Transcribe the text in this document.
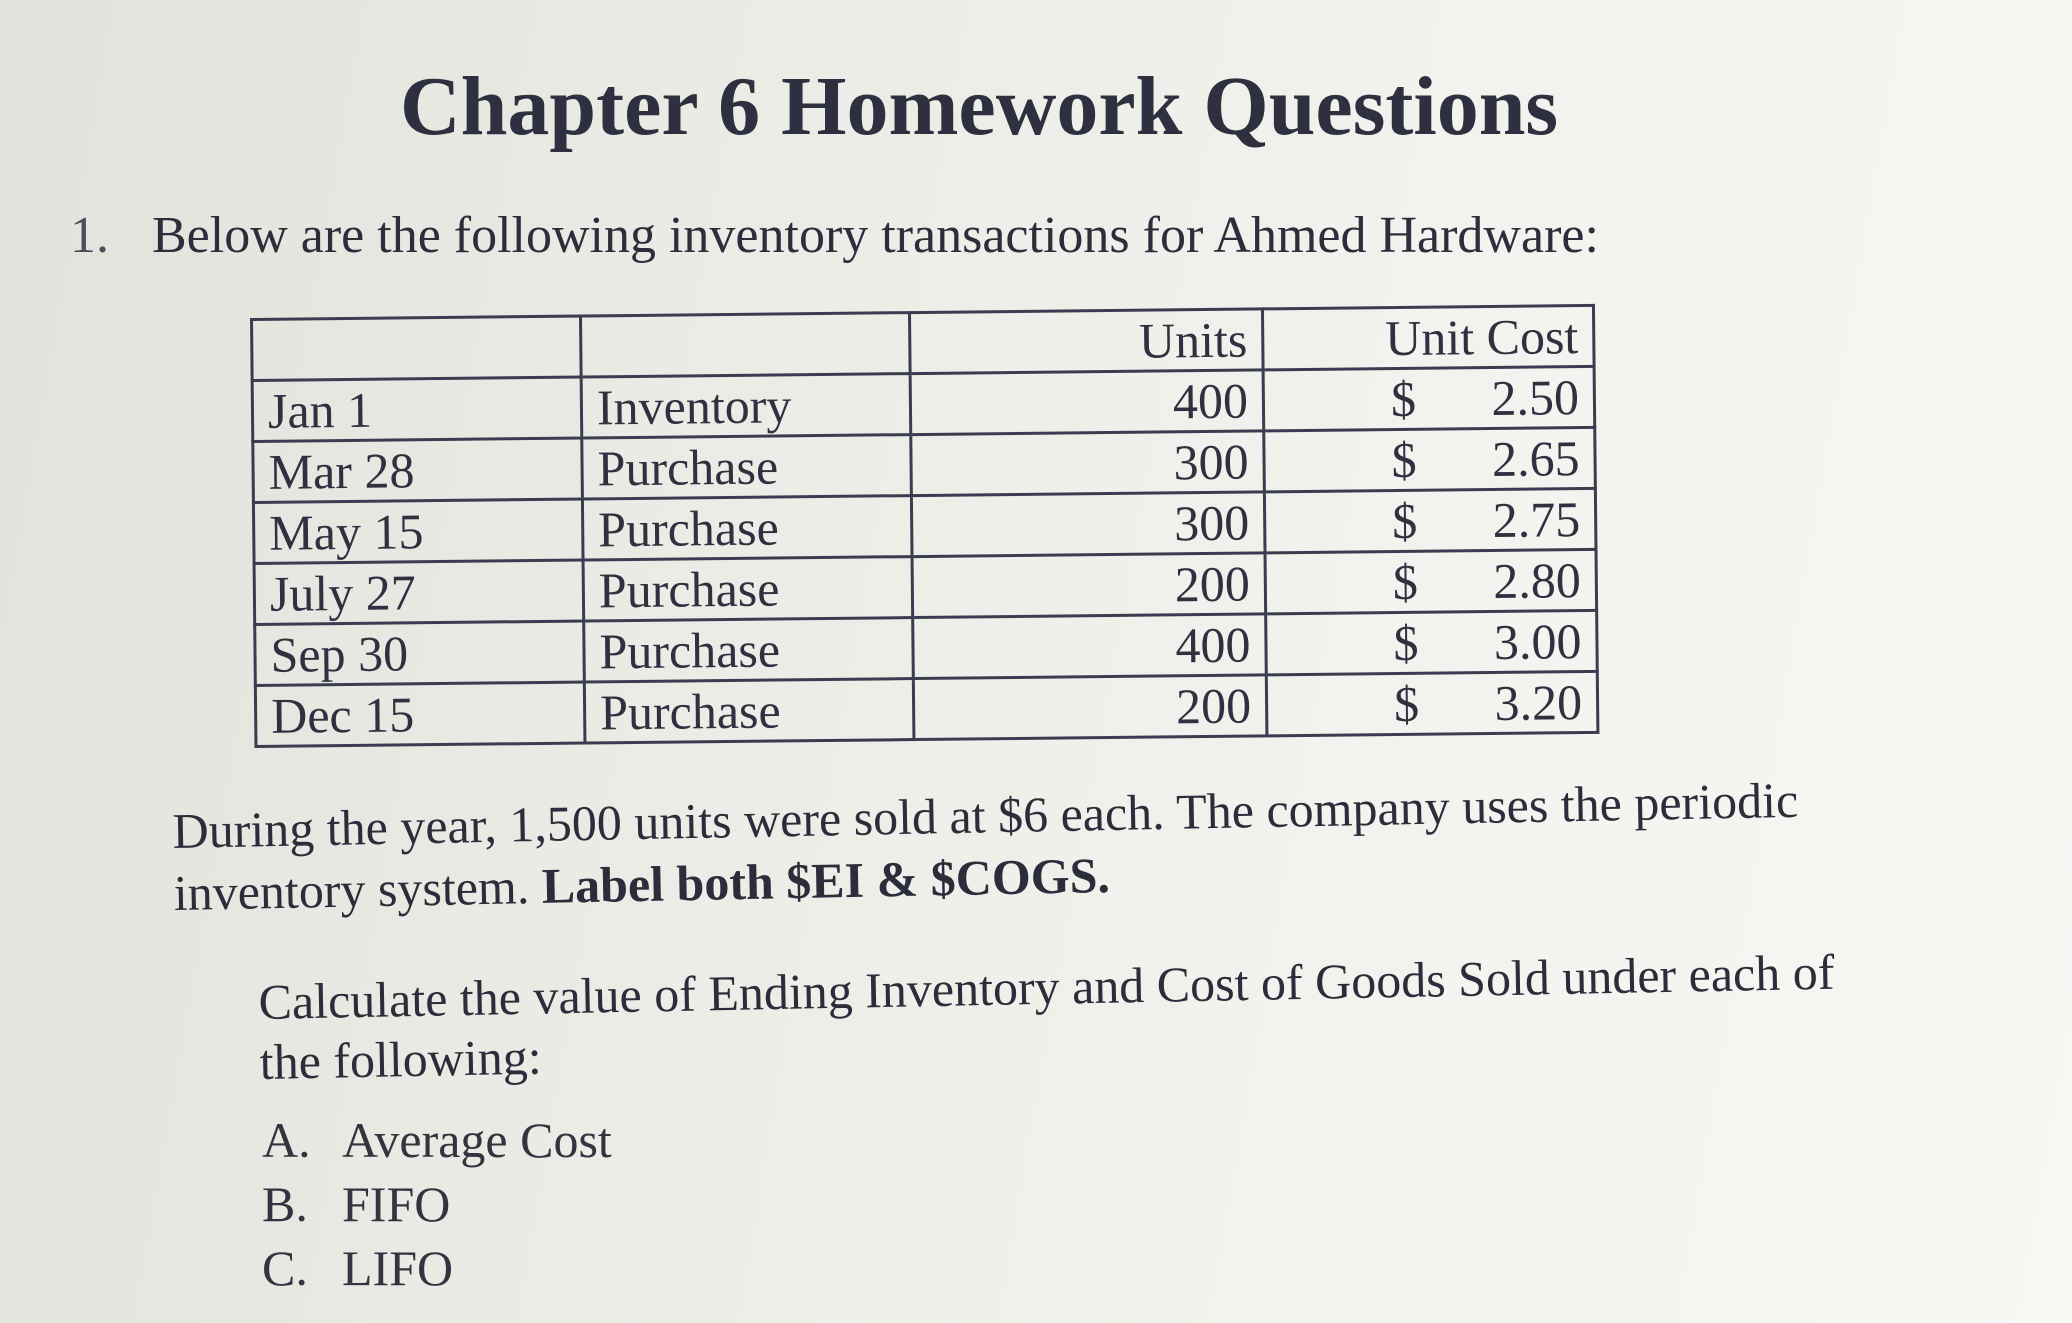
Chapter 6 Homework Questions
1. Below are the following inventory transactions for Ahmed Hardware:
		Units	Unit Cost
Jan 1	Inventory	400	$ 2.50
Mar 28	Purchase	300	$ 2.65
May 15	Purchase	300	$ 2.75
July 27	Purchase	200	$ 2.80
Sep 30	Purchase	400	$ 3.00
Dec 15	Purchase	200	$ 3.20
During the year, 1,500 units were sold at $6 each. The company uses the periodic inventory system. Label both $EI & $COGS.
Calculate the value of Ending Inventory and Cost of Goods Sold under each of the following:
A. Average Cost
B. FIFO
C. LIFO
